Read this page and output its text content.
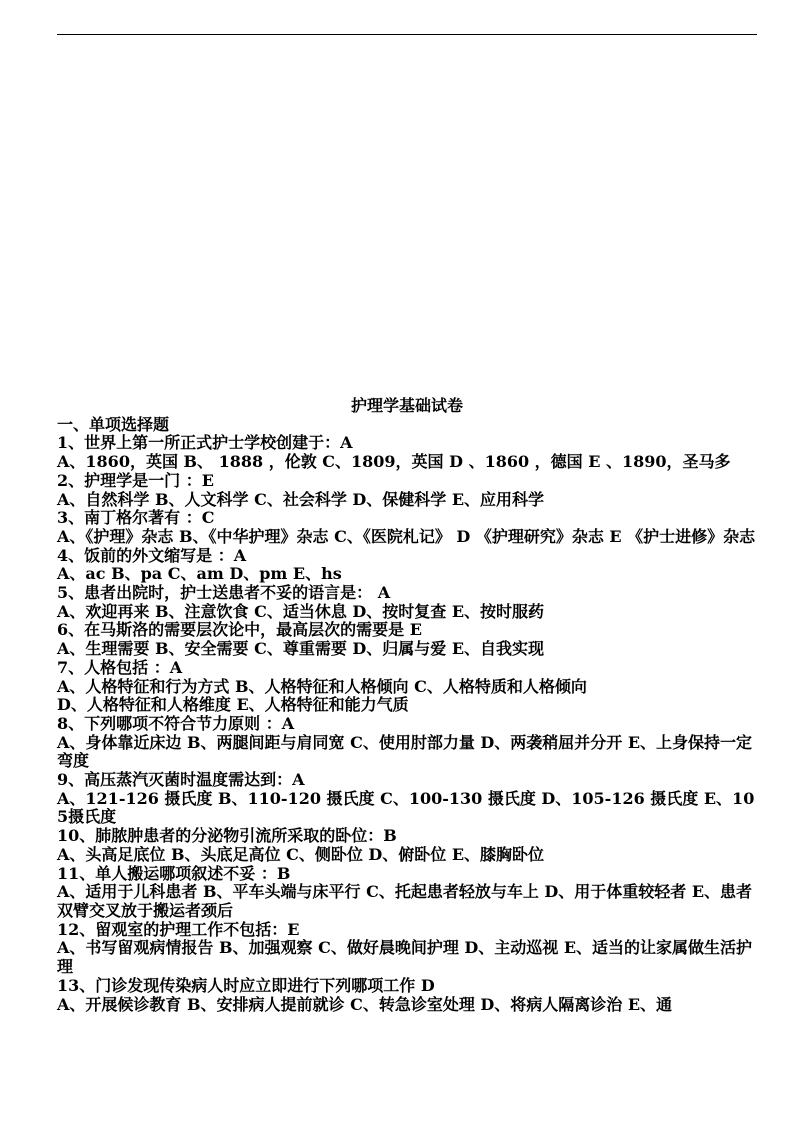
护理学基础试卷

一、单项选择题

1、世界上第一所正式护士学校创建于：A

A、1860，英国 B、 1888 ，伦敦 C、1809，英国 D 、1860 ，德国 E 、1890，圣马多

2、护理学是一门 ：E

A、自然科学 B、人文科学 C、社会科学 D、保健科学 E、应用科学

3、南丁格尔著有 ：C

A、《护理》杂志 B、《中华护理》杂志 C、《医院札记》 D 《护理研究》杂志 E 《护士进修》杂志

4、饭前的外文缩写是 ：A

A、ac B、pa C、am D、pm E、hs

5、患者出院时，护士送患者不妥的语言是： A

A、欢迎再来 B、注意饮食 C、适当休息 D、按时复查 E、按时服药

6、在马斯洛的需要层次论中，最高层次的需要是 E

A、生理需要 B、安全需要 C、尊重需要 D、归属与爱 E、自我实现

7、人格包括 ：A

A、人格特征和行为方式 B、人格特征和人格倾向 C、人格特质和人格倾向

D、人格特征和人格维度 E、人格特征和能力气质

8、下列哪项不符合节力原则 ：A

A、身体靠近床边 B、两腿间距与肩同宽 C、使用肘部力量 D、两袭稍屈并分开 E、上身保持一定弯度

9、高压蒸汽灭菌时温度需达到：A

A、121-126 摄氏度 B、110-120 摄氏度 C、100-130 摄氏度 D、105-126 摄氏度 E、105摄氏度

10、肺脓肿患者的分泌物引流所采取的卧位：B

A、头高足底位 B、头底足高位 C、侧卧位 D、俯卧位 E、膝胸卧位

11、单人搬运哪项叙述不妥 ：B

A、适用于儿科患者 B、平车头端与床平行 C、托起患者轻放与车上 D、用于体重较轻者 E、患者双臂交叉放于搬运者颈后

12、留观室的护理工作不包括：E

A、书写留观病情报告 B、加强观察 C、做好晨晚间护理 D、主动巡视 E、适当的让家属做生活护理

13、门诊发现传染病人时应立即进行下列哪项工作 D

A、开展候诊教育 B、安排病人提前就诊 C、转急诊室处理 D、将病人隔离诊治 E、通
